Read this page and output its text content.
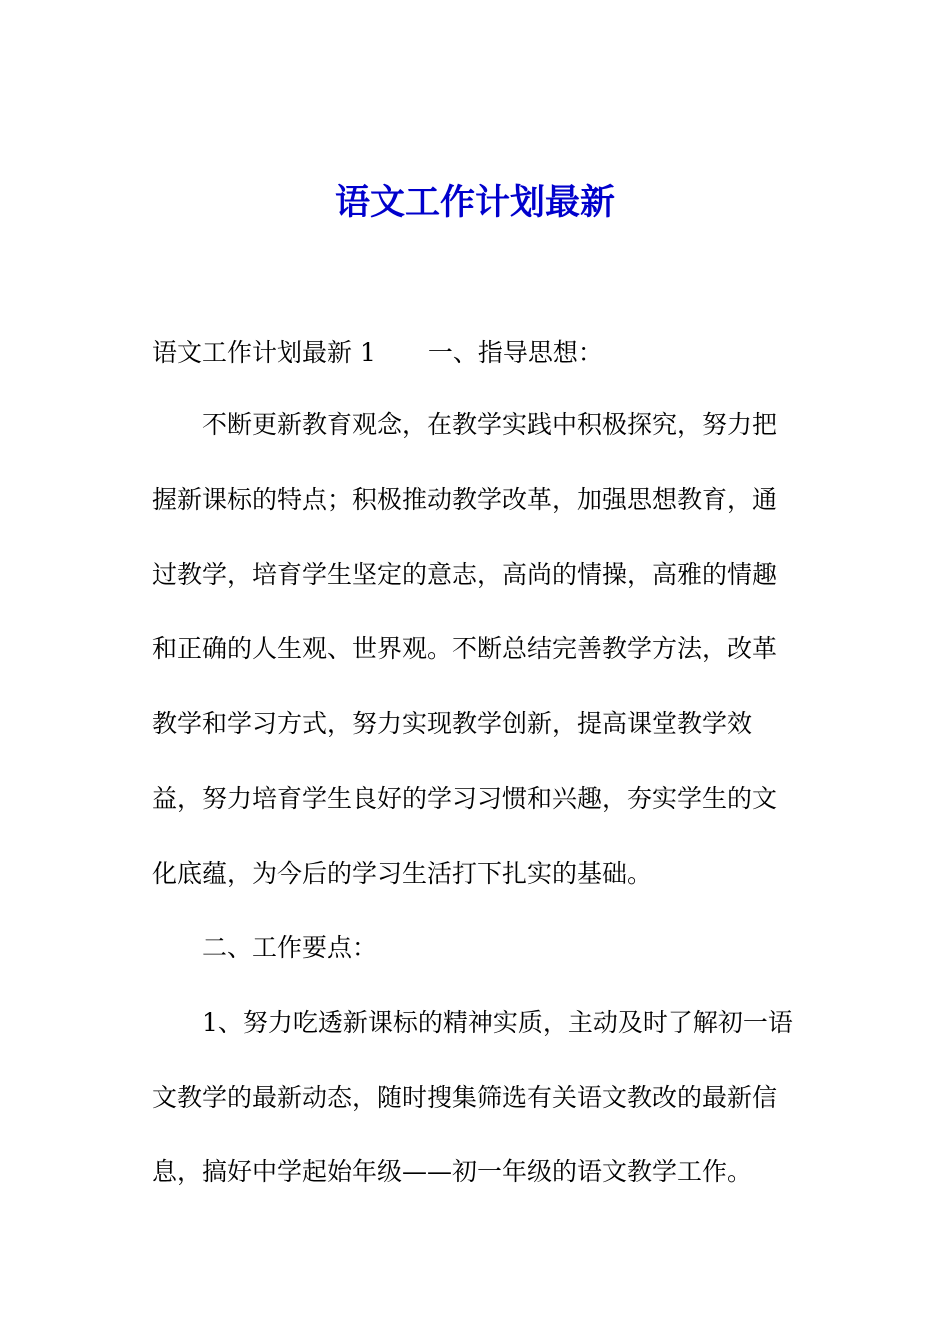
语文工作计划最新
语文工作计划最新 1 一、指导思想：
不断更新教育观念，在教学实践中积极探究，努力把
握新课标的特点；积极推动教学改革，加强思想教育，通
过教学，培育学生坚定的意志，高尚的情操，高雅的情趣
和正确的人生观、世界观。不断总结完善教学方法，改革
教学和学习方式，努力实现教学创新，提高课堂教学效
益，努力培育学生良好的学习习惯和兴趣，夯实学生的文
化底蕴，为今后的学习生活打下扎实的基础。
二、工作要点：
1、努力吃透新课标的精神实质，主动及时了解初一语
文教学的最新动态，随时搜集筛选有关语文教改的最新信
息，搞好中学起始年级——初一年级的语文教学工作。
